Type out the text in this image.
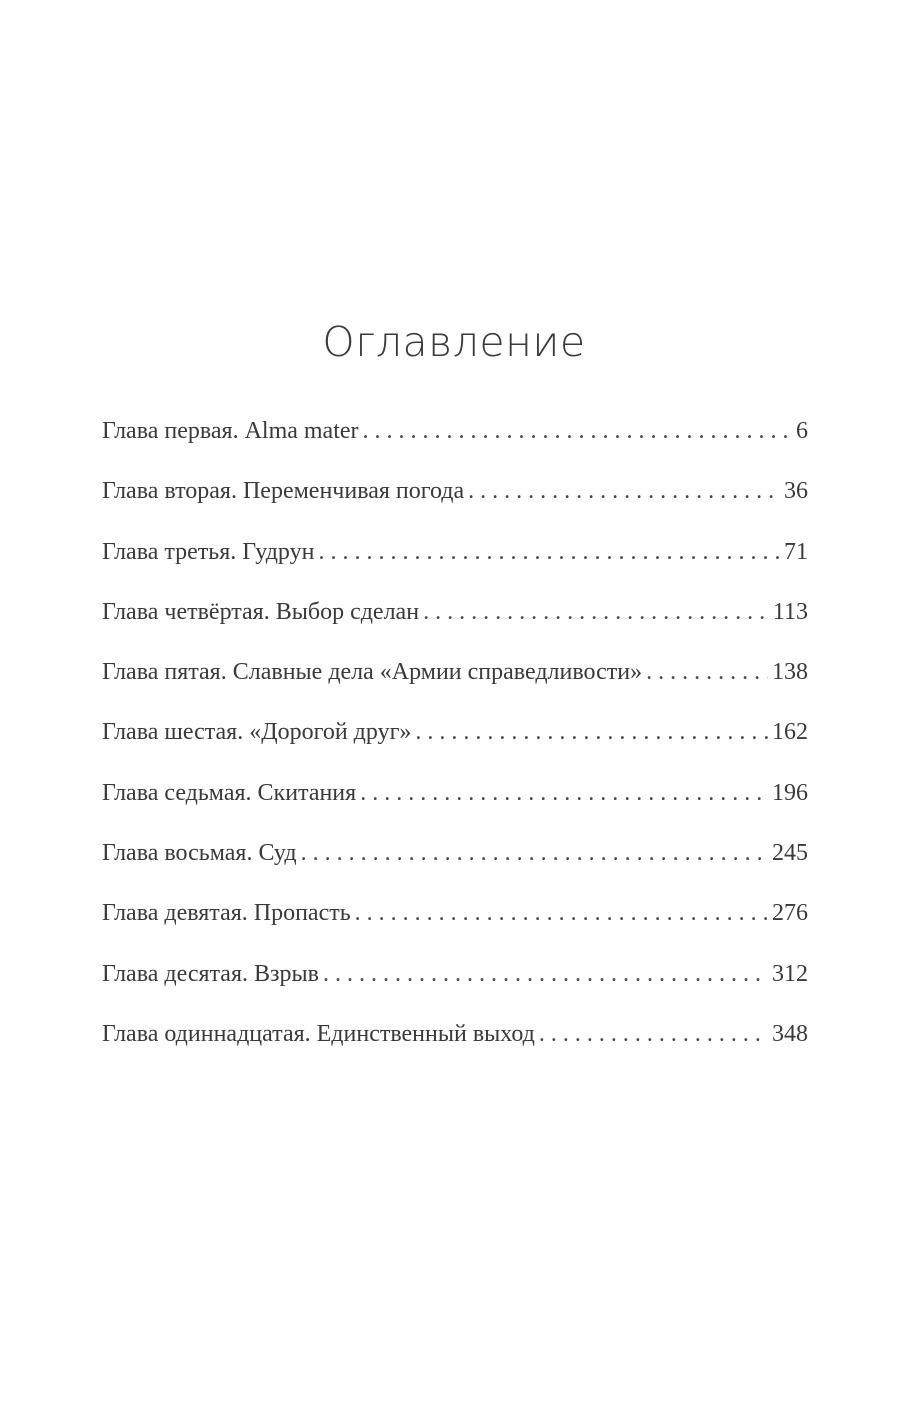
Оглавление
Глава первая. Alma mater . . .	6
Глава вторая. Переменчивая погода . . .	36
Глава третья. Гудрун . . .	71
Глава четвёртая. Выбор сделан . . .	113
Глава пятая. Славные дела «Армии справедливости» . . .	138
Глава шестая. «Дорогой друг» . . .	162
Глава седьмая. Скитания . . .	196
Глава восьмая. Суд . . .	245
Глава девятая. Пропасть . . .	276
Глава десятая. Взрыв . . .	312
Глава одиннадцатая. Единственный выход . . .	348
